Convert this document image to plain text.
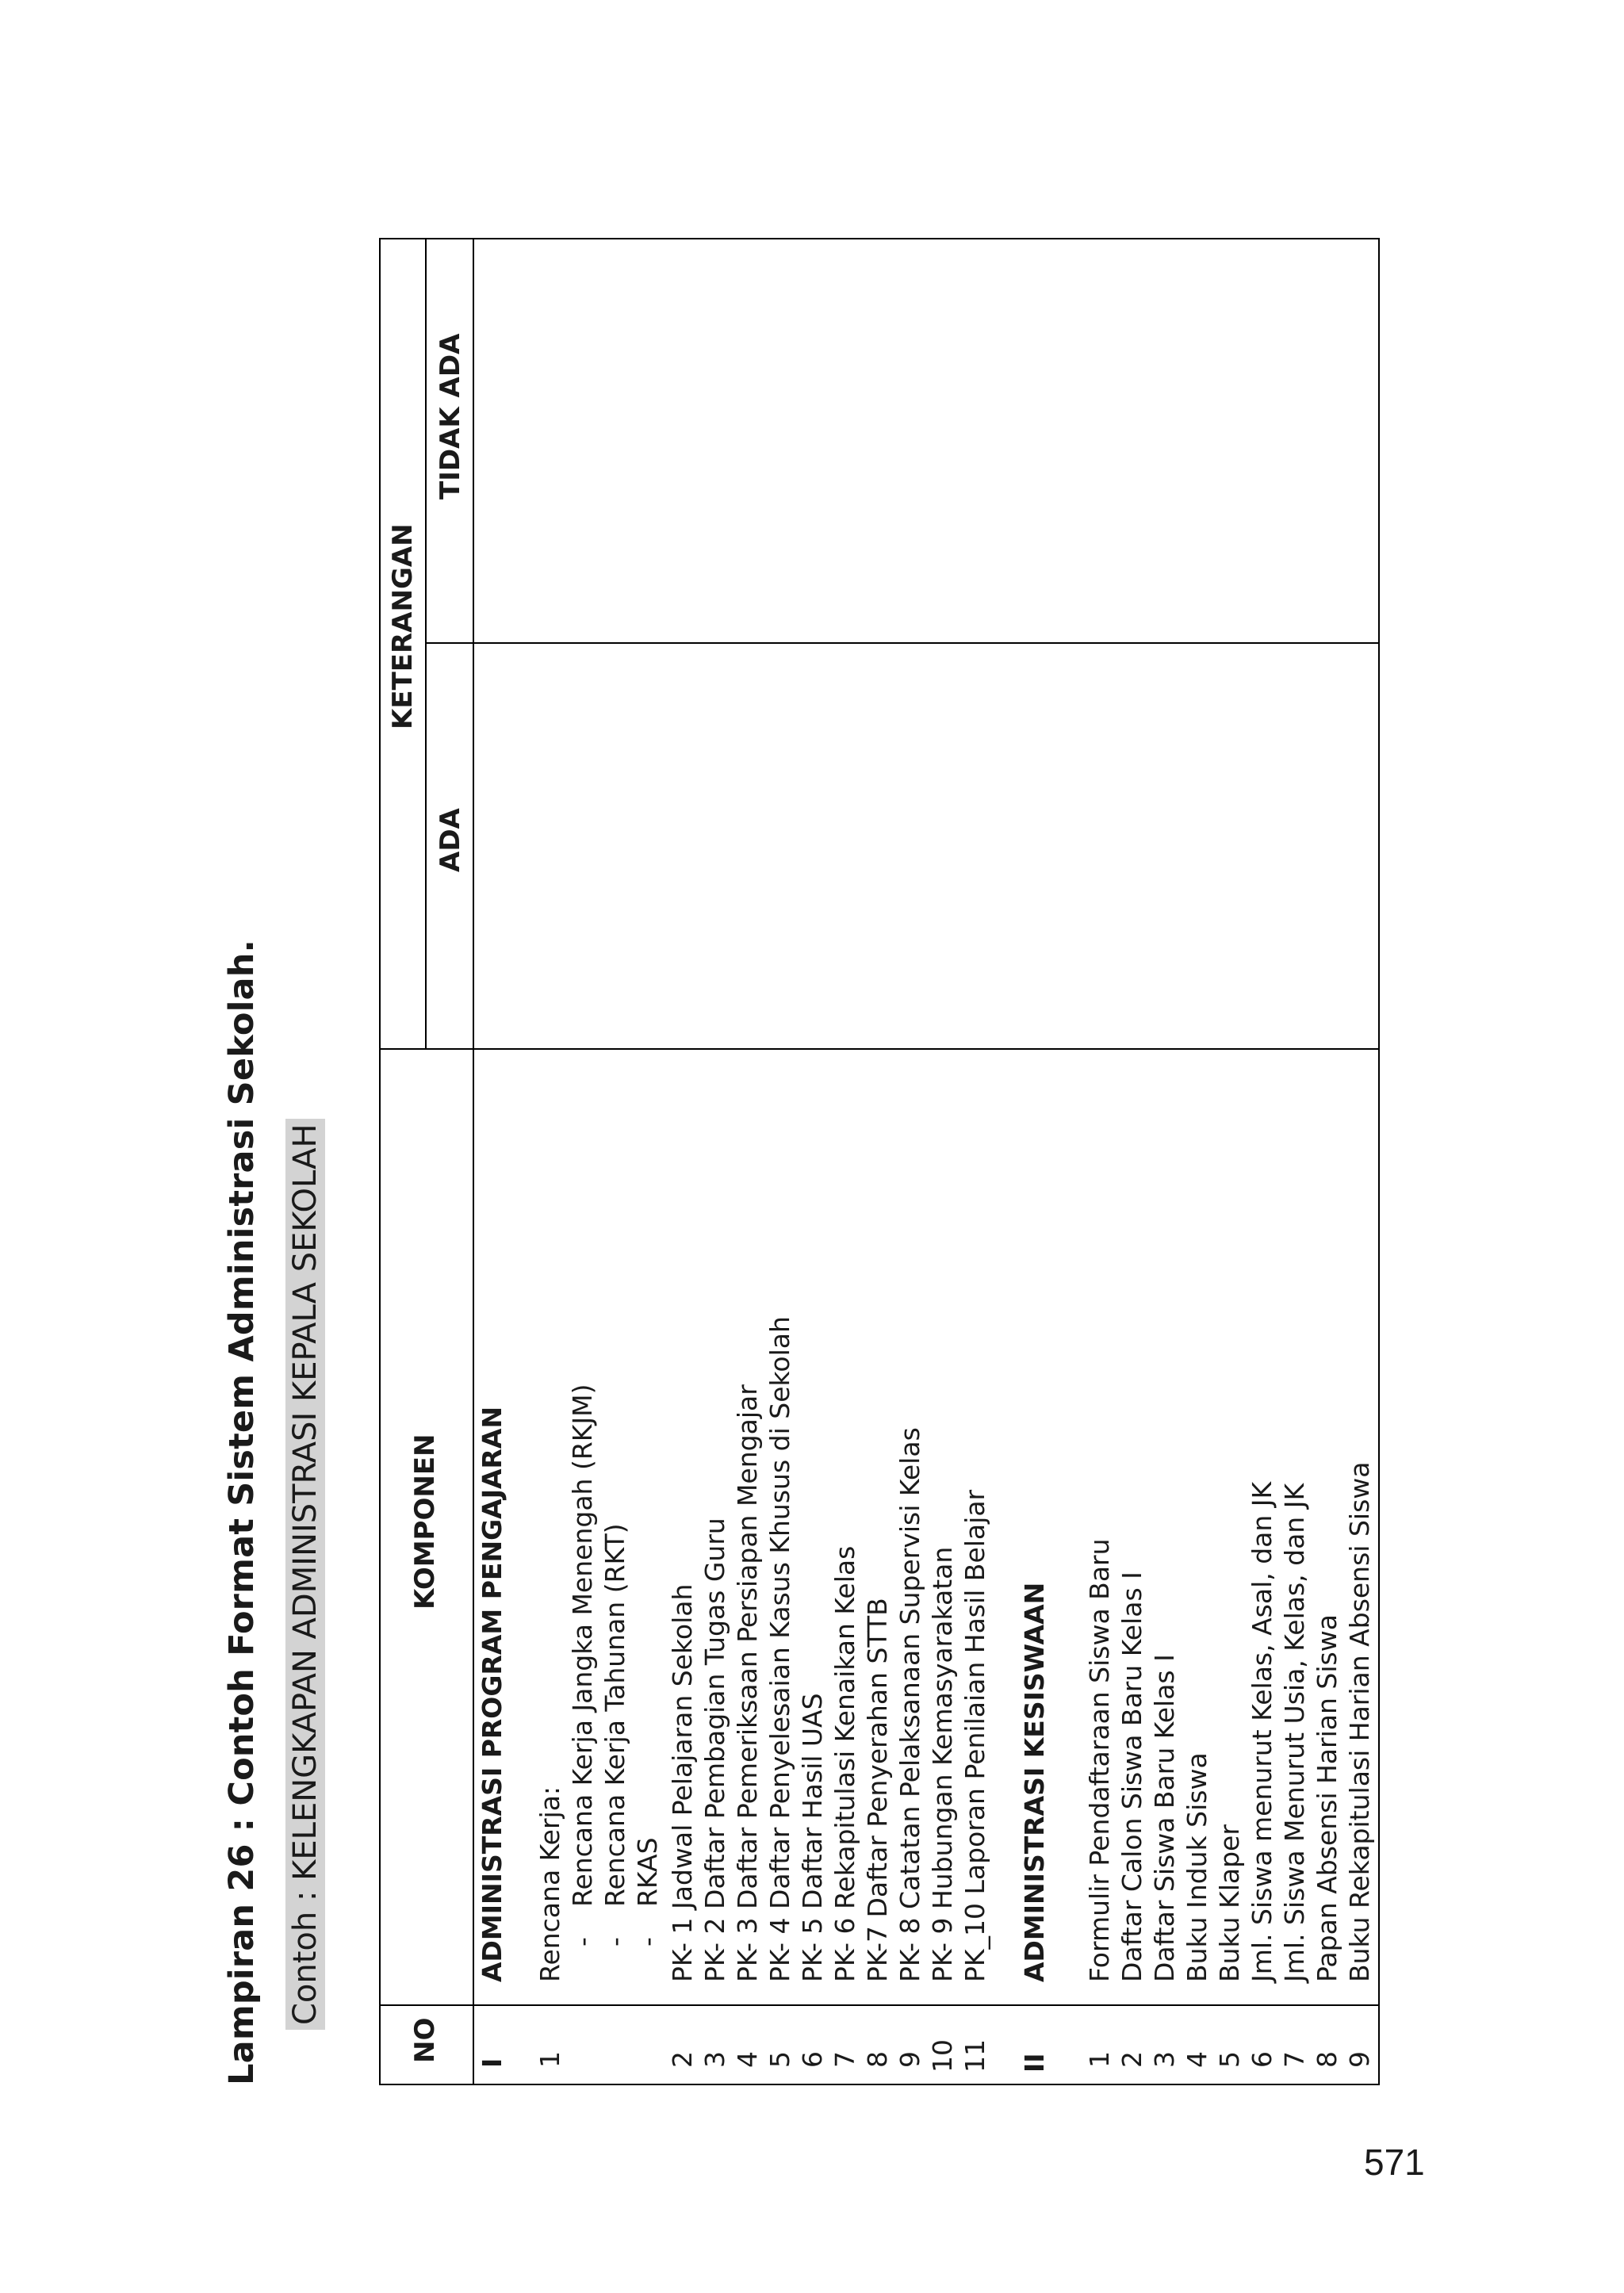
Lampiran 26 : Contoh Format Sistem Administrasi Sekolah. Contoh : KELENGKAPAN ADMINISTRASI KEPALA SEKOLAH
NO
KOMPONEN
KETERANGAN
ADA
TIDAK ADA
I
ADMINISTRASI PROGRAM PENGAJARAN
1
Rencana Kerja: -
Rencana Kerja Jangka Menengah (RKJM)
-
Rencana Kerja Tahunan (RKT)
-
RKAS
2
PK- 1 Jadwal Pelajaran Sekolah
3
PK- 2 Daftar Pembagian Tugas Guru
4
PK- 3 Daftar Pemeriksaan Persiapan Mengajar
5
PK- 4 Daftar Penyelesaian Kasus Khusus di Sekolah
6
PK- 5 Daftar Hasil UAS
7
PK- 6 Rekapitulasi Kenaikan Kelas
8
PK-7 Daftar Penyerahan STTB
9
PK- 8 Catatan Pelaksanaan Supervisi Kelas
10
PK- 9 Hubungan Kemasyarakatan
11
PK_10 Laporan Penilaian Hasil Belajar
II
ADMINISTRASI KESISWAAN
1
Formulir Pendaftaraan Siswa Baru
2
Daftar Calon Siswa Baru Kelas I
3
Daftar Siswa Baru Kelas I
4
Buku Induk Siswa
5
Buku Klaper
6
Jml. Siswa menurut Kelas, Asal, dan JK
7
Jml. Siswa Menurut Usia, Kelas, dan JK
8
Papan Absensi Harian Siswa
9
Buku Rekapitulasi Harian Absensi Siswa
571
